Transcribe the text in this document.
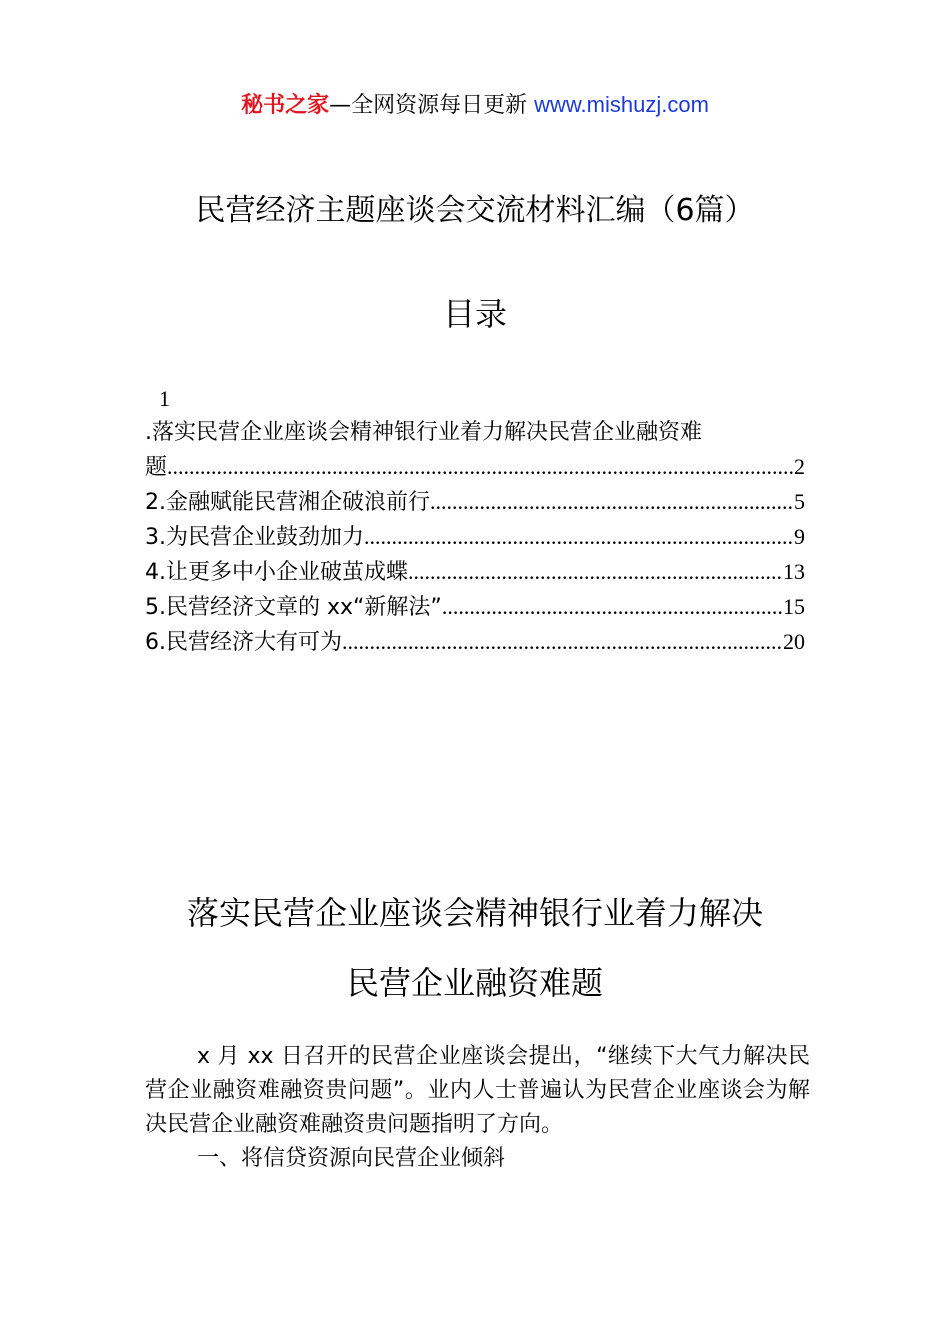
秘书之家—全网资源每日更新 www.mishuzj.com
民营经济主题座谈会交流材料汇编（6篇）
目录
1
.落实民营企业座谈会精神银行业着力解决民营企业融资难
题 .....	2
2.金融赋能民营湘企破浪前行 .....	5
3.为民营企业鼓劲加力 .....	9
4.让更多中小企业破茧成蝶 .....	13
5.民营经济文章的 xx“新解法” .....	15
6.民营经济大有可为 .....	20
落实民营企业座谈会精神银行业着力解决
民营企业融资难题

x 月 xx 日召开的民营企业座谈会提出，“继续下大气力解决民营企业融资难融资贵问题”。业内人士普遍认为民营企业座谈会为解决民营企业融资难融资贵问题指明了方向。

一、将信贷资源向民营企业倾斜
